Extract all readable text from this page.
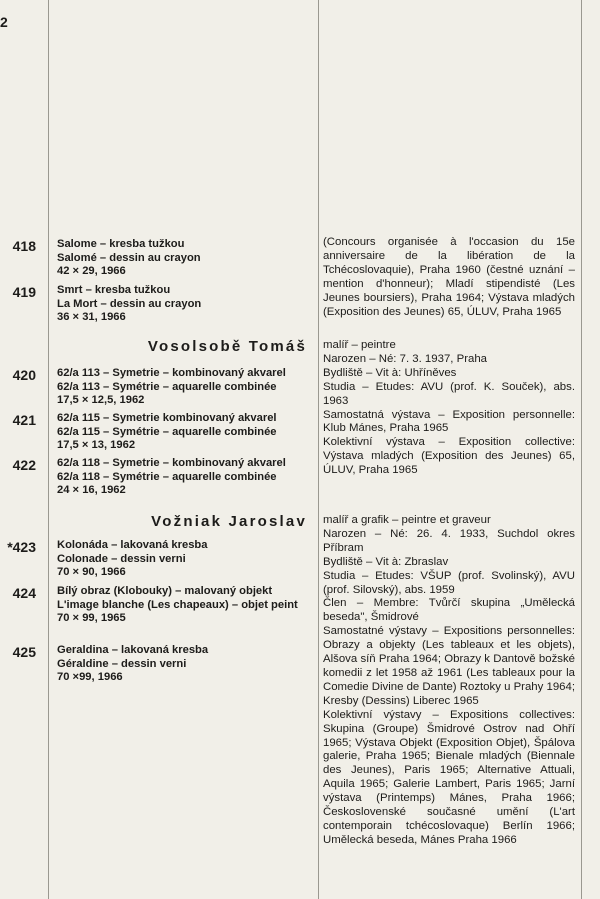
2
418 Salome – kresba tužkou
Salomé – dessin au crayon
42 × 29, 1966
419 Smrt – kresba tužkou
La Mort – dessin au crayon
36 × 31, 1966
Vosolsobě Tomáš
420 62/a 113 – Symetrie – kombinovaný akvarel
62/a 113 – Symétrie – aquarelle combinée
17,5 × 12,5, 1962
421 62/a 115 – Symetrie kombinovaný akvarel
62/a 115 – Symétrie – aquarelle combinée
17,5 × 13, 1962
422 62/a 118 – Symetrie – kombinovaný akvarel
62/a 118 – Symétrie – aquarelle combinée
24 × 16, 1962
Vožniak Jaroslav
*423 Kolonáda – lakovaná kresba
Colonade – dessin verni
70 × 90, 1966
424 Bílý obraz (Klobouky) – malovaný objekt
L'image blanche (Les chapeaux) – objet peint
70 × 99, 1965
425 Geraldina – lakovaná kresba
Géraldine – dessin verni
70 ×99, 1966
(Concours organisée à l'occasion du 15e anniversaire de la libération de la Tchécoslovaquie), Praha 1960 (čestné uznání – mention d'honneur); Mladí stipendisté (Les Jeunes boursiers), Praha 1964; Výstava mladých (Exposition des Jeunes) 65, ÚLUV, Praha 1965
malíř – peintre
Narozen – Né: 7. 3. 1937, Praha
Bydliště – Vit à: Uhříněves
Studia – Etudes: AVU (prof. K. Souček), abs. 1963
Samostatná výstava – Exposition personnelle: Klub Mánes, Praha 1965
Kolektivní výstava – Exposition collective: Výstava mladých (Exposition des Jeunes) 65, ÚLUV, Praha 1965
malíř a grafik – peintre et graveur
Narozen – Né: 26. 4. 1933, Suchdol okres Příbram
Bydliště – Vit à: Zbraslav
Studia – Etudes: VŠUP (prof. Svolinský), AVU (prof. Silovský), abs. 1959
Člen – Membre: Tvůrčí skupina „Umělecká beseda", Šmidrové
Samostatné výstavy – Expositions personnelles: Obrazy a objekty (Les tableaux et les objets), Alšova síň Praha 1964; Obrazy k Dantově božské komedii z let 1958 až 1961 (Les tableaux pour la Comedie Divine de Dante) Roztoky u Prahy 1964; Kresby (Dessins) Liberec 1965
Kolektivní výstavy – Expositions collectives: Skupina (Groupe) Šmidrové Ostrov nad Ohří 1965; Výstava Objekt (Exposition Objet), Špálova galerie, Praha 1965; Bienale mladých (Biennale des Jeunes), Paris 1965; Alternative Attuali, Aquila 1965; Galerie Lambert, Paris 1965; Jarní výstava (Printemps) Mánes, Praha 1966; Československé současné umění (L'art contemporain tchécoslovaque) Berlín 1966; Umělecká beseda, Mánes Praha 1966
